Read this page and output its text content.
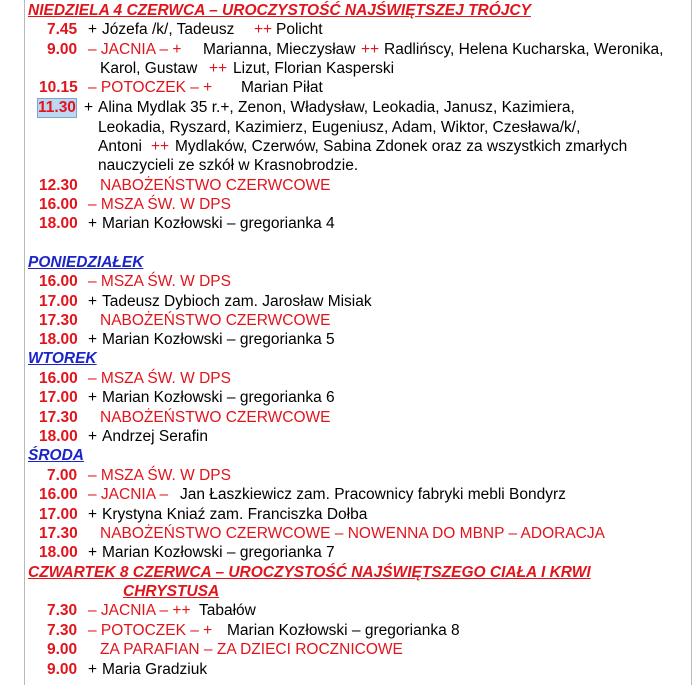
NIEDZIELA 4 CZERWCA – UROCZYSTOŚĆ NAJŚWIĘTSZEJ TRÓJCY
7.45 + Józefa /k/, Tadeusz ++ Policht
9.00 – JACNIA – + Marianna, Mieczysław ++ Radlińscy, Helena Kucharska, Weronika,
Karol, Gustaw ++ Lizut, Florian Kasperski
10.15 – POTOCZEK – + Marian Piłat
11.30 + Alina Mydlak 35 r.+, Zenon, Władysław, Leokadia, Janusz, Kazimiera,
Leokadia, Ryszard, Kazimierz, Eugeniusz, Adam, Wiktor, Czesława/k/,
Antoni ++ Mydlaków, Czerwów, Sabina Zdonek oraz za wszystkich zmarłych
nauczycieli ze szkół w Krasnobrodzie.
12.30 NABOŻEŃSTWO CZERWCOWE
16.00 – MSZA ŚW. W DPS
18.00 + Marian Kozłowski – gregorianka 4
PONIEDZIAŁEK
16.00 – MSZA ŚW. W DPS
17.00 + Tadeusz Dybioch zam. Jarosław Misiak
17.30 NABOŻEŃSTWO CZERWCOWE
18.00 + Marian Kozłowski – gregorianka 5
WTOREK
16.00 – MSZA ŚW. W DPS
17.00 + Marian Kozłowski – gregorianka 6
17.30 NABOŻEŃSTWO CZERWCOWE
18.00 + Andrzej Serafin
ŚRODA
7.00 – MSZA ŚW. W DPS
16.00 – JACNIA – Jan Łaszkiewicz zam. Pracownicy fabryki mebli Bondyrz
17.00 + Krystyna Kniaź zam. Franciszka Dołba
17.30 NABOŻEŃSTWO CZERWCOWE – NOWENNA DO MBNP – ADORACJA
18.00 + Marian Kozłowski – gregorianka 7
CZWARTEK 8 CZERWCA – UROCZYSTOŚĆ NAJŚWIĘTSZEGO CIAŁA I KRWI
CHRYSTUSA
7.30 – JACNIA – ++ Tabałów
7.30 – POTOCZEK – + Marian Kozłowski – gregorianka 8
9.00 ZA PARAFIAN – ZA DZIECI ROCZNICOWE
9.00 + Maria Gradziuk
